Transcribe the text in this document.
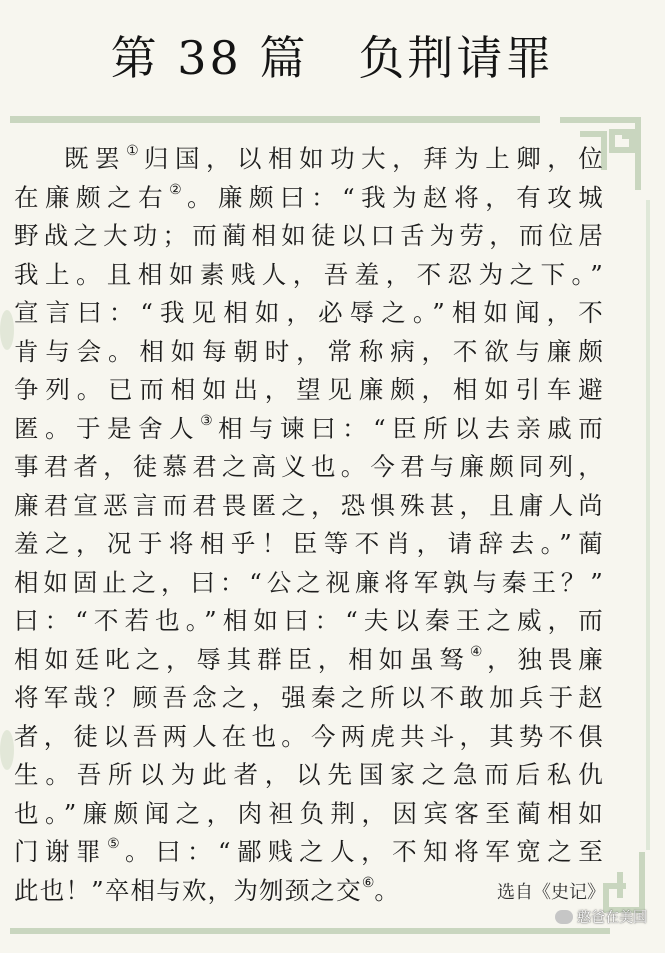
第 38 篇 负荆请罪
既罢①归国，以相如功大，拜为上卿，位
在廉颇之右②。廉颇曰：“我为赵将，有攻城
野战之大功；而蔺相如徒以口舌为劳，而位居
我上。且相如素贱人，吾羞，不忍为之下。”
宣言曰：“我见相如，必辱之。”相如闻，不
肯与会。相如每朝时，常称病，不欲与廉颇
争列。已而相如出，望见廉颇，相如引车避
匿。于是舍人③相与谏曰：“臣所以去亲戚而
事君者，徒慕君之高义也。今君与廉颇同列，
廉君宣恶言而君畏匿之，恐惧殊甚，且庸人尚
羞之，况于将相乎！臣等不肖，请辞去。”蔺
相如固止之，曰：“公之视廉将军孰与秦王？”
曰：“不若也。”相如曰：“夫以秦王之威，而
相如廷叱之，辱其群臣，相如虽驽④，独畏廉
将军哉？顾吾念之，强秦之所以不敢加兵于赵
者，徒以吾两人在也。今两虎共斗，其势不俱
生。吾所以为此者，以先国家之急而后私仇
也。”廉颇闻之，肉袒负荆，因宾客至蔺相如
门谢罪⑤。曰：“鄙贱之人，不知将军宽之至
此也！”卒相与欢，为刎颈之交⑥。	选自《史记》
憨爸在美国
